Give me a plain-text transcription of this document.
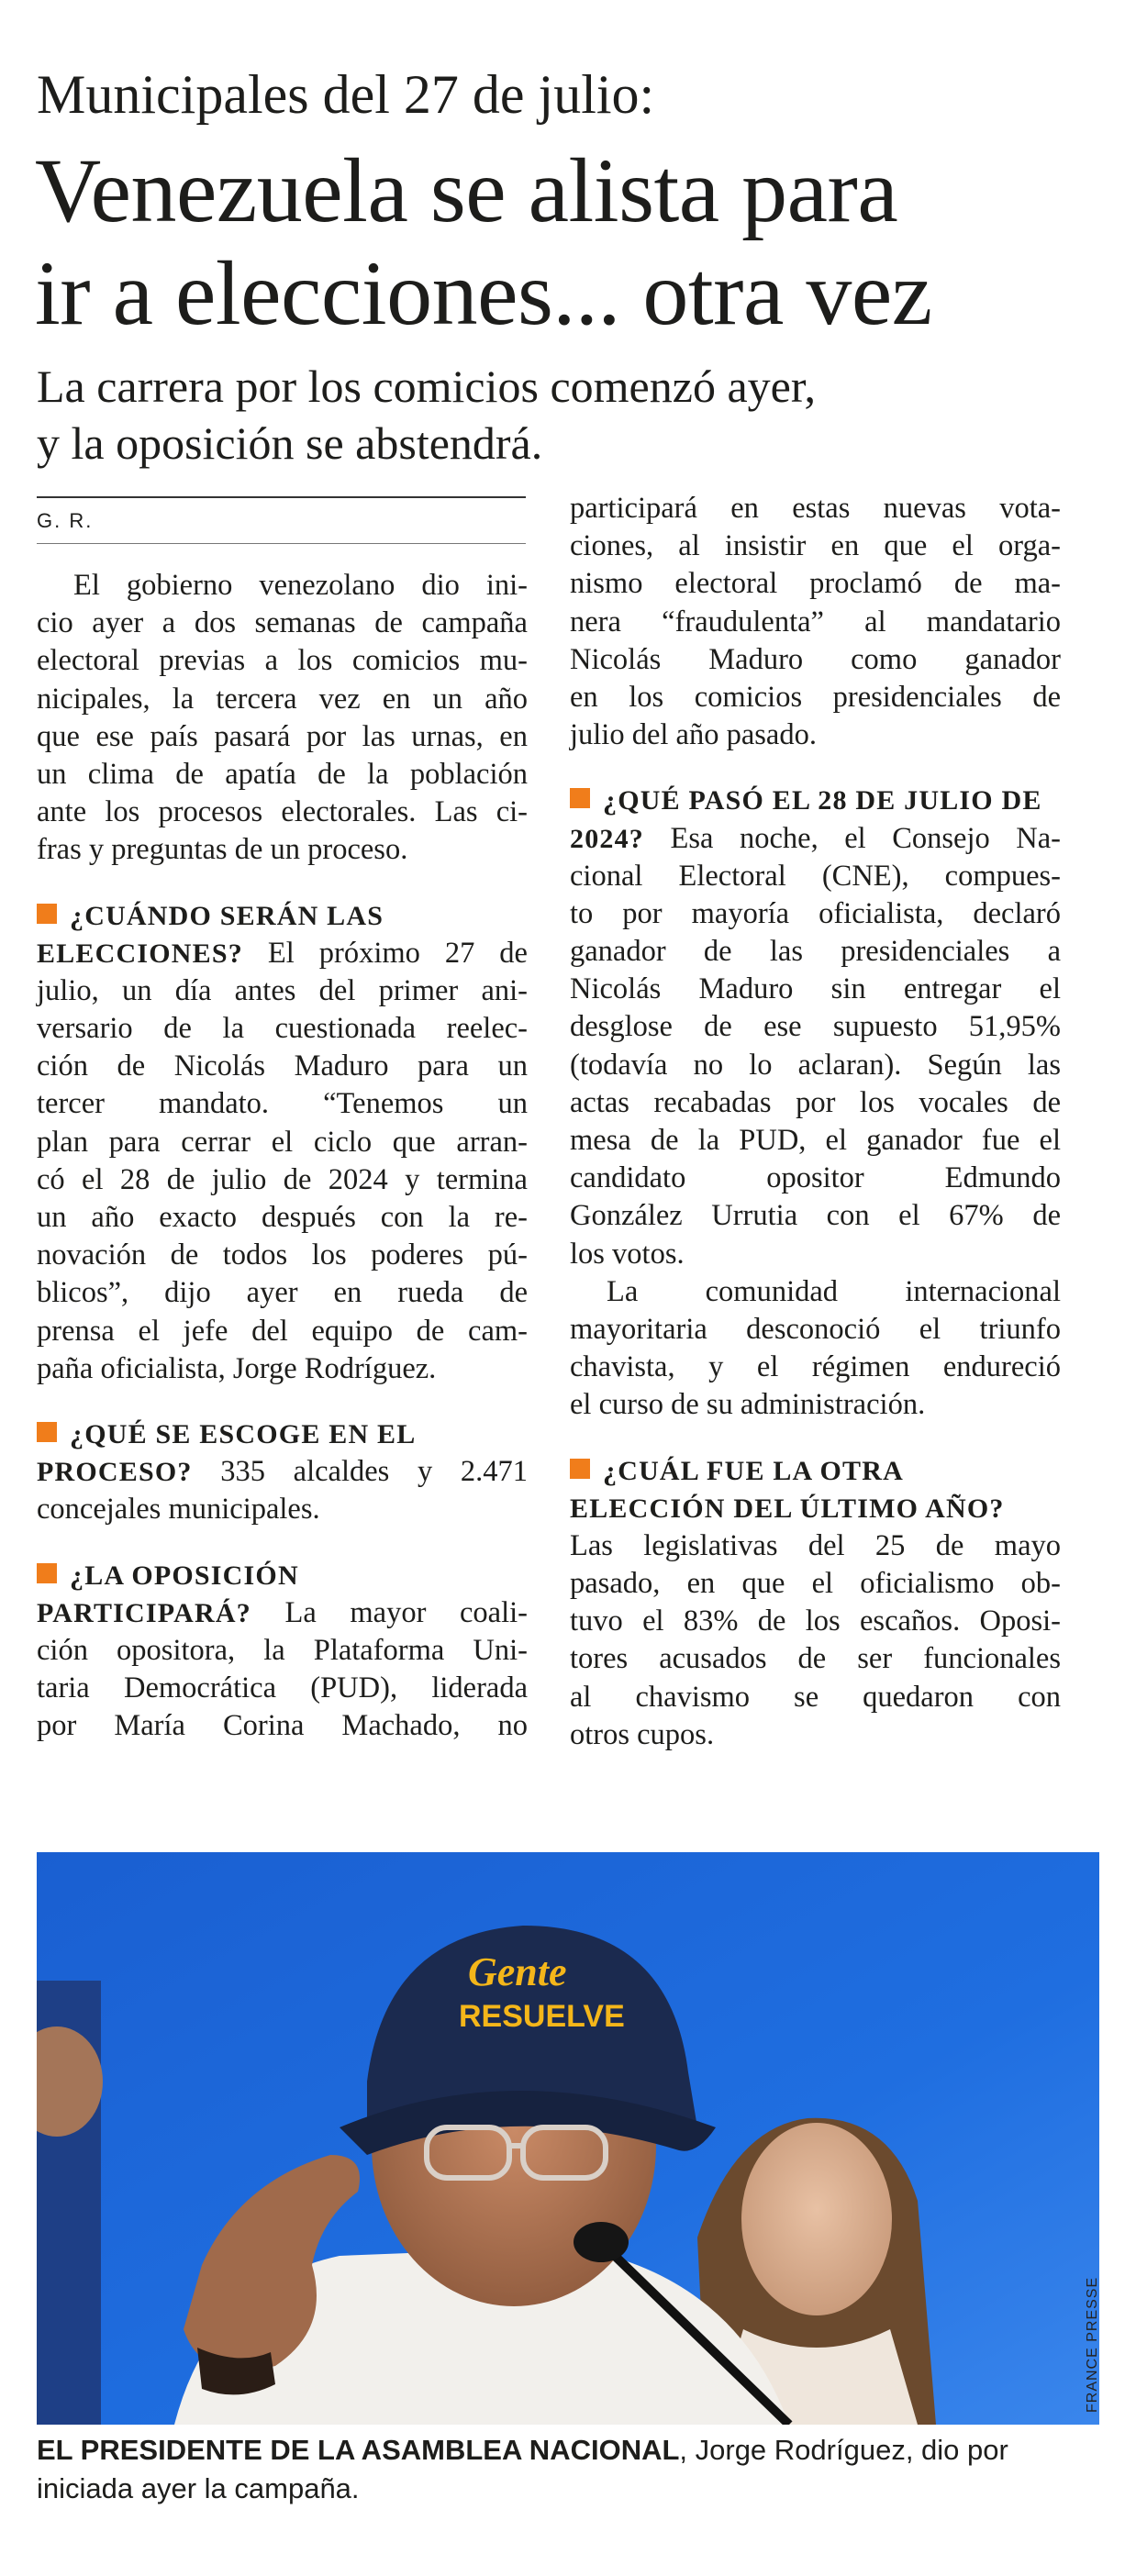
Municipales del 27 de julio:
Venezuela se alista para
ir a elecciones... otra vez
La carrera por los comicios comenzó ayer,
y la oposición se abstendrá.
G. R.
El gobierno venezolano dio ini-
cio ayer a dos semanas de campaña
electoral previas a los comicios mu-
nicipales, la tercera vez en un año
que ese país pasará por las urnas, en
un clima de apatía de la población
ante los procesos electorales. Las ci-
fras y preguntas de un proceso.
¿CUÁNDO SERÁN LAS
ELECCIONES? El próximo 27 de
julio, un día antes del primer ani-
versario de la cuestionada reelec-
ción de Nicolás Maduro para un
tercer mandato. “Tenemos un
plan para cerrar el ciclo que arran-
có el 28 de julio de 2024 y termina
un año exacto después con la re-
novación de todos los poderes pú-
blicos”, dijo ayer en rueda de
prensa el jefe del equipo de cam-
paña oficialista, Jorge Rodríguez.
¿QUÉ SE ESCOGE EN EL
PROCESO? 335 alcaldes y 2.471
concejales municipales.
¿LA OPOSICIÓN
PARTICIPARÁ? La mayor coali-
ción opositora, la Plataforma Uni-
taria Democrática (PUD), liderada
por María Corina Machado, no
participará en estas nuevas vota-
ciones, al insistir en que el orga-
nismo electoral proclamó de ma-
nera “fraudulenta” al mandatario
Nicolás Maduro como ganador
en los comicios presidenciales de
julio del año pasado.
¿QUÉ PASÓ EL 28 DE JULIO DE
2024? Esa noche, el Consejo Na-
cional Electoral (CNE), compues-
to por mayoría oficialista, declaró
ganador de las presidenciales a
Nicolás Maduro sin entregar el
desglose de ese supuesto 51,95%
(todavía no lo aclaran). Según las
actas recabadas por los vocales de
mesa de la PUD, el ganador fue el
candidato opositor Edmundo
González Urrutia con el 67% de
los votos.
La comunidad internacional
mayoritaria desconoció el triunfo
chavista, y el régimen endureció
el curso de su administración.
¿CUÁL FUE LA OTRA
ELECCIÓN DEL ÚLTIMO AÑO?
Las legislativas del 25 de mayo
pasado, en que el oficialismo ob-
tuvo el 83% de los escaños. Oposi-
tores acusados de ser funcionales
al chavismo se quedaron con
otros cupos.
Gente
RESUELVE
FRANCE PRESSE
EL PRESIDENTE DE LA ASAMBLEA NACIONAL, Jorge Rodríguez, dio por
iniciada ayer la campaña.
